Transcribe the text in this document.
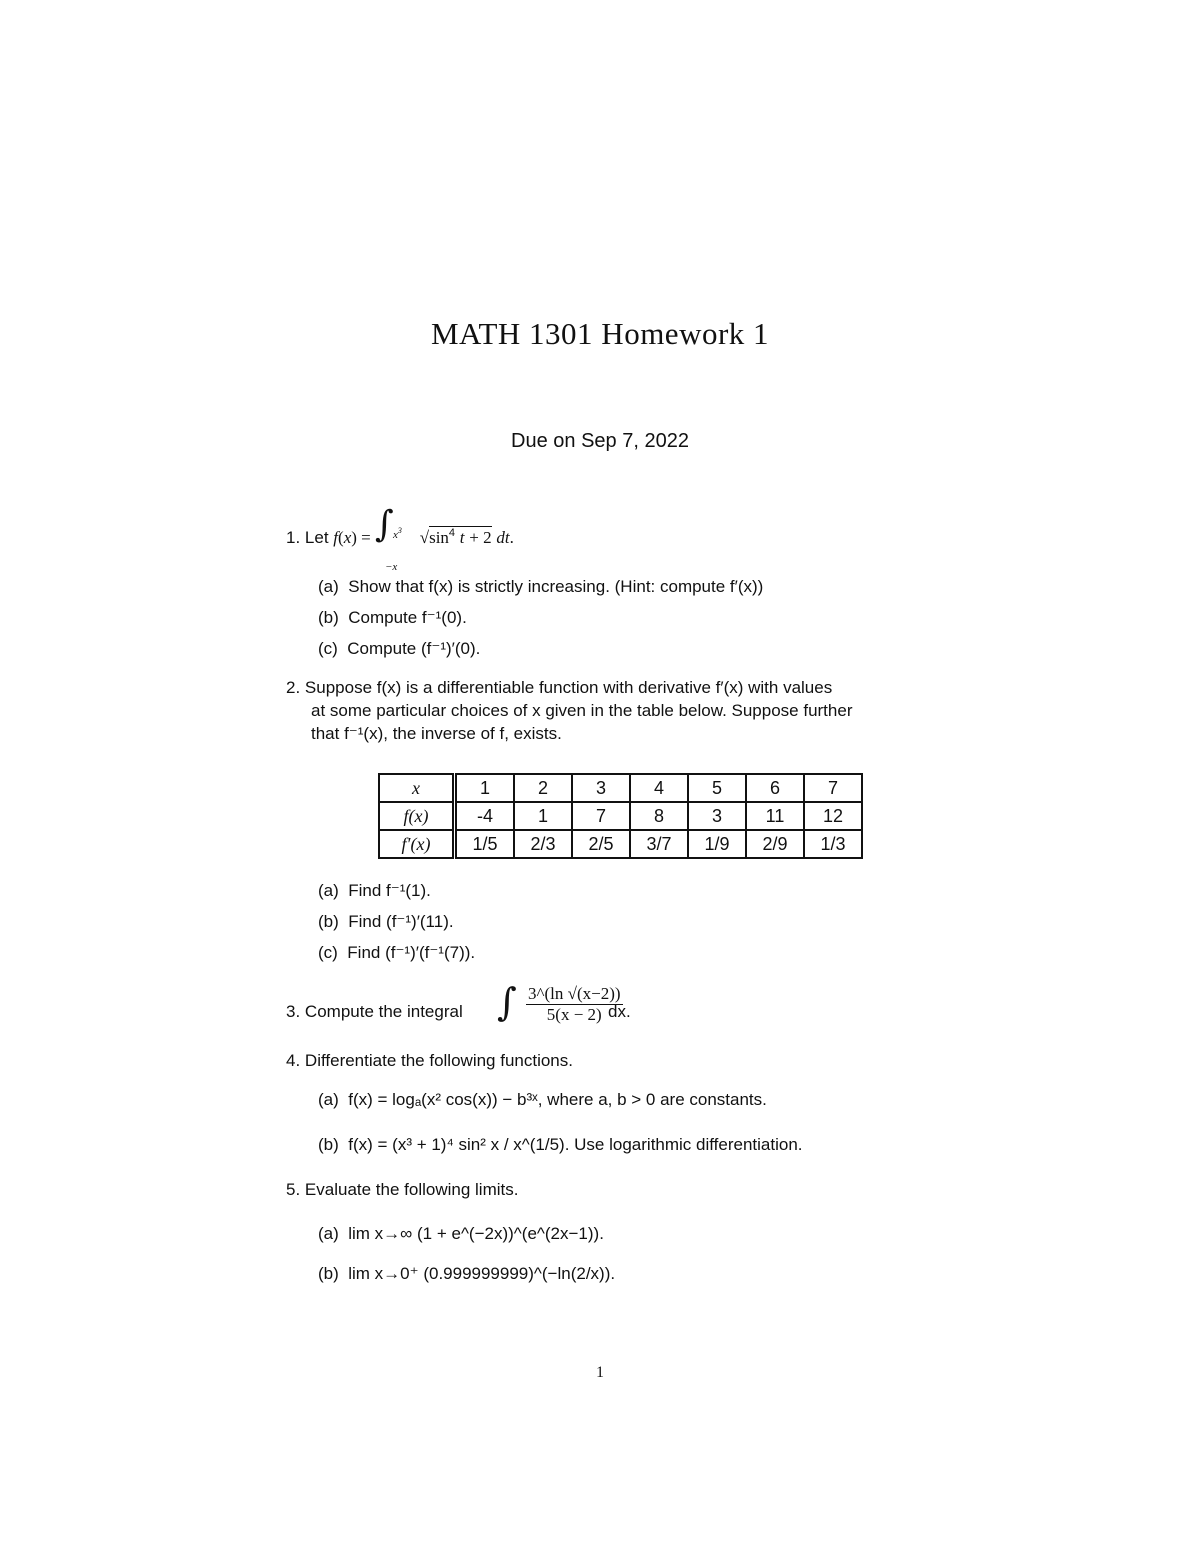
MATH 1301 Homework 1
Due on Sep 7, 2022
1. Let f(x) = ∫ $x^3$
−x
$√\sin^4$ t + 2 dt.
(a) Show that f(x) is strictly increasing. (Hint: compute f′(x))
(b) Compute f⁻¹(0).
(c) Compute (f⁻¹)′(0).
2. Suppose f(x) is a differentiable function with derivative f′(x) with values
at some particular choices of x given in the table below. Suppose further
that f⁻¹(x), the inverse of f, exists.
x	1	2	3	4	5	6	7
f(x)	-4	1	7	8	3	11	12
f′(x)	1/5	2/3	2/5	3/7	1/9	2/9	1/3
(a) Find f⁻¹(1).
(b) Find (f⁻¹)′(11).
(c) Find (f⁻¹)′(f⁻¹(7)).
3. Compute the integral ∫ $\frac{3\^{}(\ln √(x-2))}{5(x - 2)}$
dx.
4. Differentiate the following functions.
(a) f(x) = logₐ(x² cos(x)) − b³ˣ, where a, b > 0 are constants.
(b) f(x) = (x³ + 1)⁴ sin² x / x^(1/5). Use logarithmic differentiation.
5. Evaluate the following limits.
(a) lim x→∞ (1 + e^(−2x))^(e^(2x−1)).
(b) lim x→0⁺ (0.999999999)^(−ln(2/x)).
1
